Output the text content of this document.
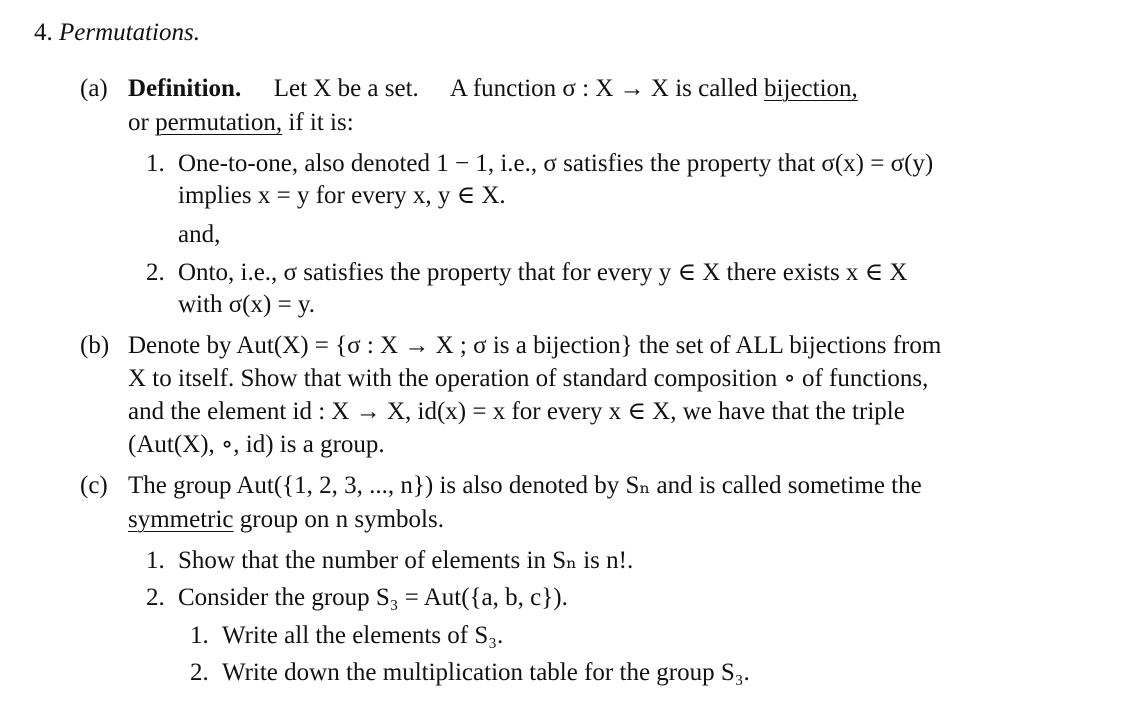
4. Permutations.
(a) Definition. Let X be a set. A function σ : X → X is called bijection,
or permutation, if it is:
1. One-to-one, also denoted 1 − 1, i.e., σ satisfies the property that σ(x) = σ(y)
implies x = y for every x, y ∈ X.
and,
2. Onto, i.e., σ satisfies the property that for every y ∈ X there exists x ∈ X
with σ(x) = y.
(b) Denote by Aut(X) = {σ : X → X ; σ is a bijection} the set of ALL bijections from
X to itself. Show that with the operation of standard composition ∘ of functions,
and the element id : X → X, id(x) = x for every x ∈ X, we have that the triple
(Aut(X), ∘, id) is a group.
(c) The group Aut({1, 2, 3, ..., n}) is also denoted by Sₙ and is called sometime the
symmetric group on n symbols.
1. Show that the number of elements in Sₙ is n!.
2. Consider the group S₃ = Aut({a, b, c}).
1. Write all the elements of S₃.
2. Write down the multiplication table for the group S₃.
